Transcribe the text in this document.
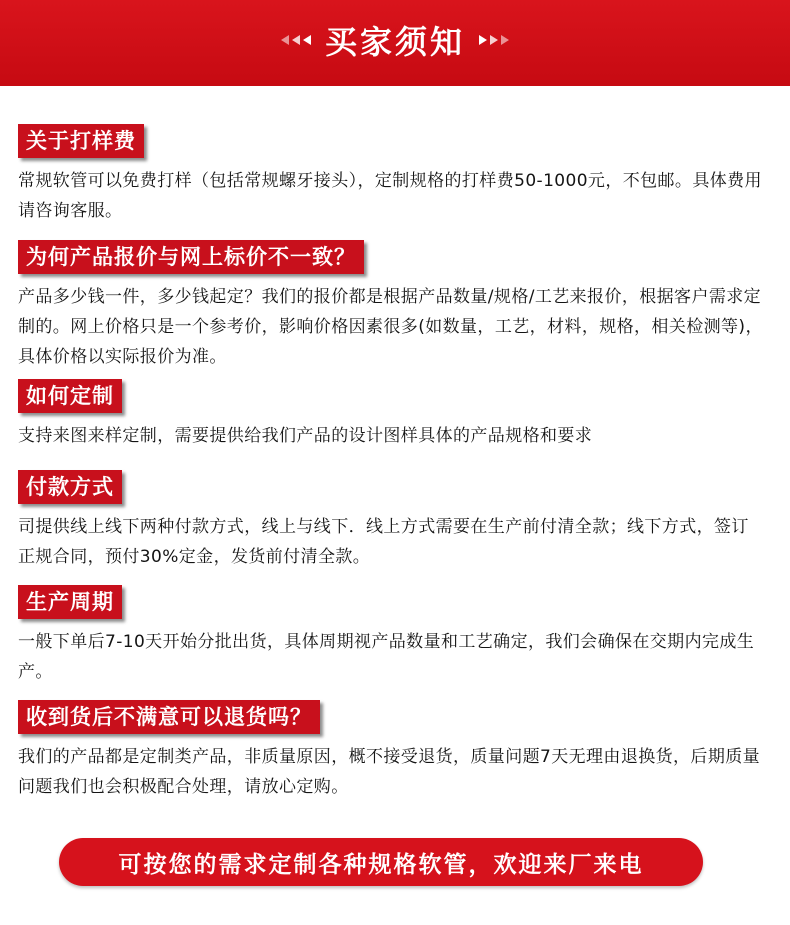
买家须知
关于打样费
常规软管可以免费打样（包括常规螺牙接头），定制规格的打样费50-1000元，不包邮。具体费用请咨询客服。
为何产品报价与网上标价不一致？
产品多少钱一件，多少钱起定？我们的报价都是根据产品数量/规格/工艺来报价，根据客户需求定制的。网上价格只是一个参考价，影响价格因素很多(如数量，工艺，材料，规格，相关检测等)，具体价格以实际报价为准。
如何定制
支持来图来样定制，需要提供给我们产品的设计图样具体的产品规格和要求
付款方式
司提供线上线下两种付款方式，线上与线下．线上方式需要在生产前付清全款；线下方式，签订正规合同，预付30%定金，发货前付清全款。
生产周期
一般下单后7-10天开始分批出货，具体周期视产品数量和工艺确定，我们会确保在交期内完成生产。
收到货后不满意可以退货吗？
我们的产品都是定制类产品，非质量原因，概不接受退货，质量问题7天无理由退换货，后期质量问题我们也会积极配合处理，请放心定购。
可按您的需求定制各种规格软管，欢迎来厂来电
